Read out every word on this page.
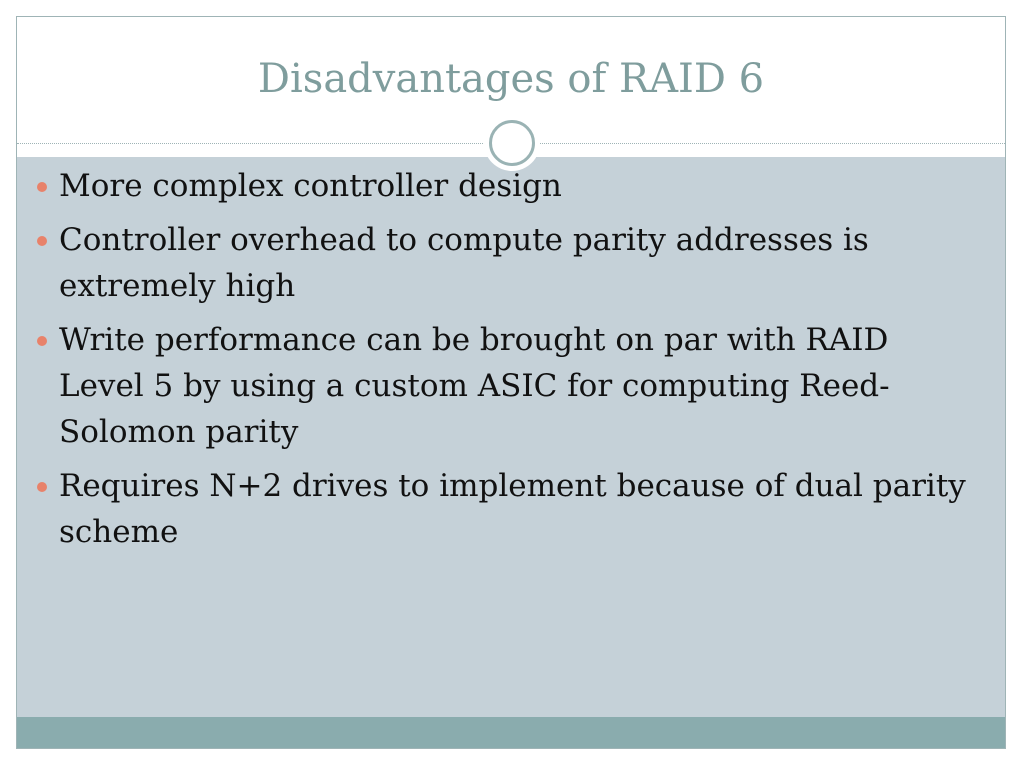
Disadvantages of RAID 6
More complex controller design
Controller overhead to compute parity addresses is extremely high
Write performance can be brought on par with RAID Level 5 by using a custom ASIC for computing Reed-Solomon parity
Requires N+2 drives to implement because of dual parity scheme
